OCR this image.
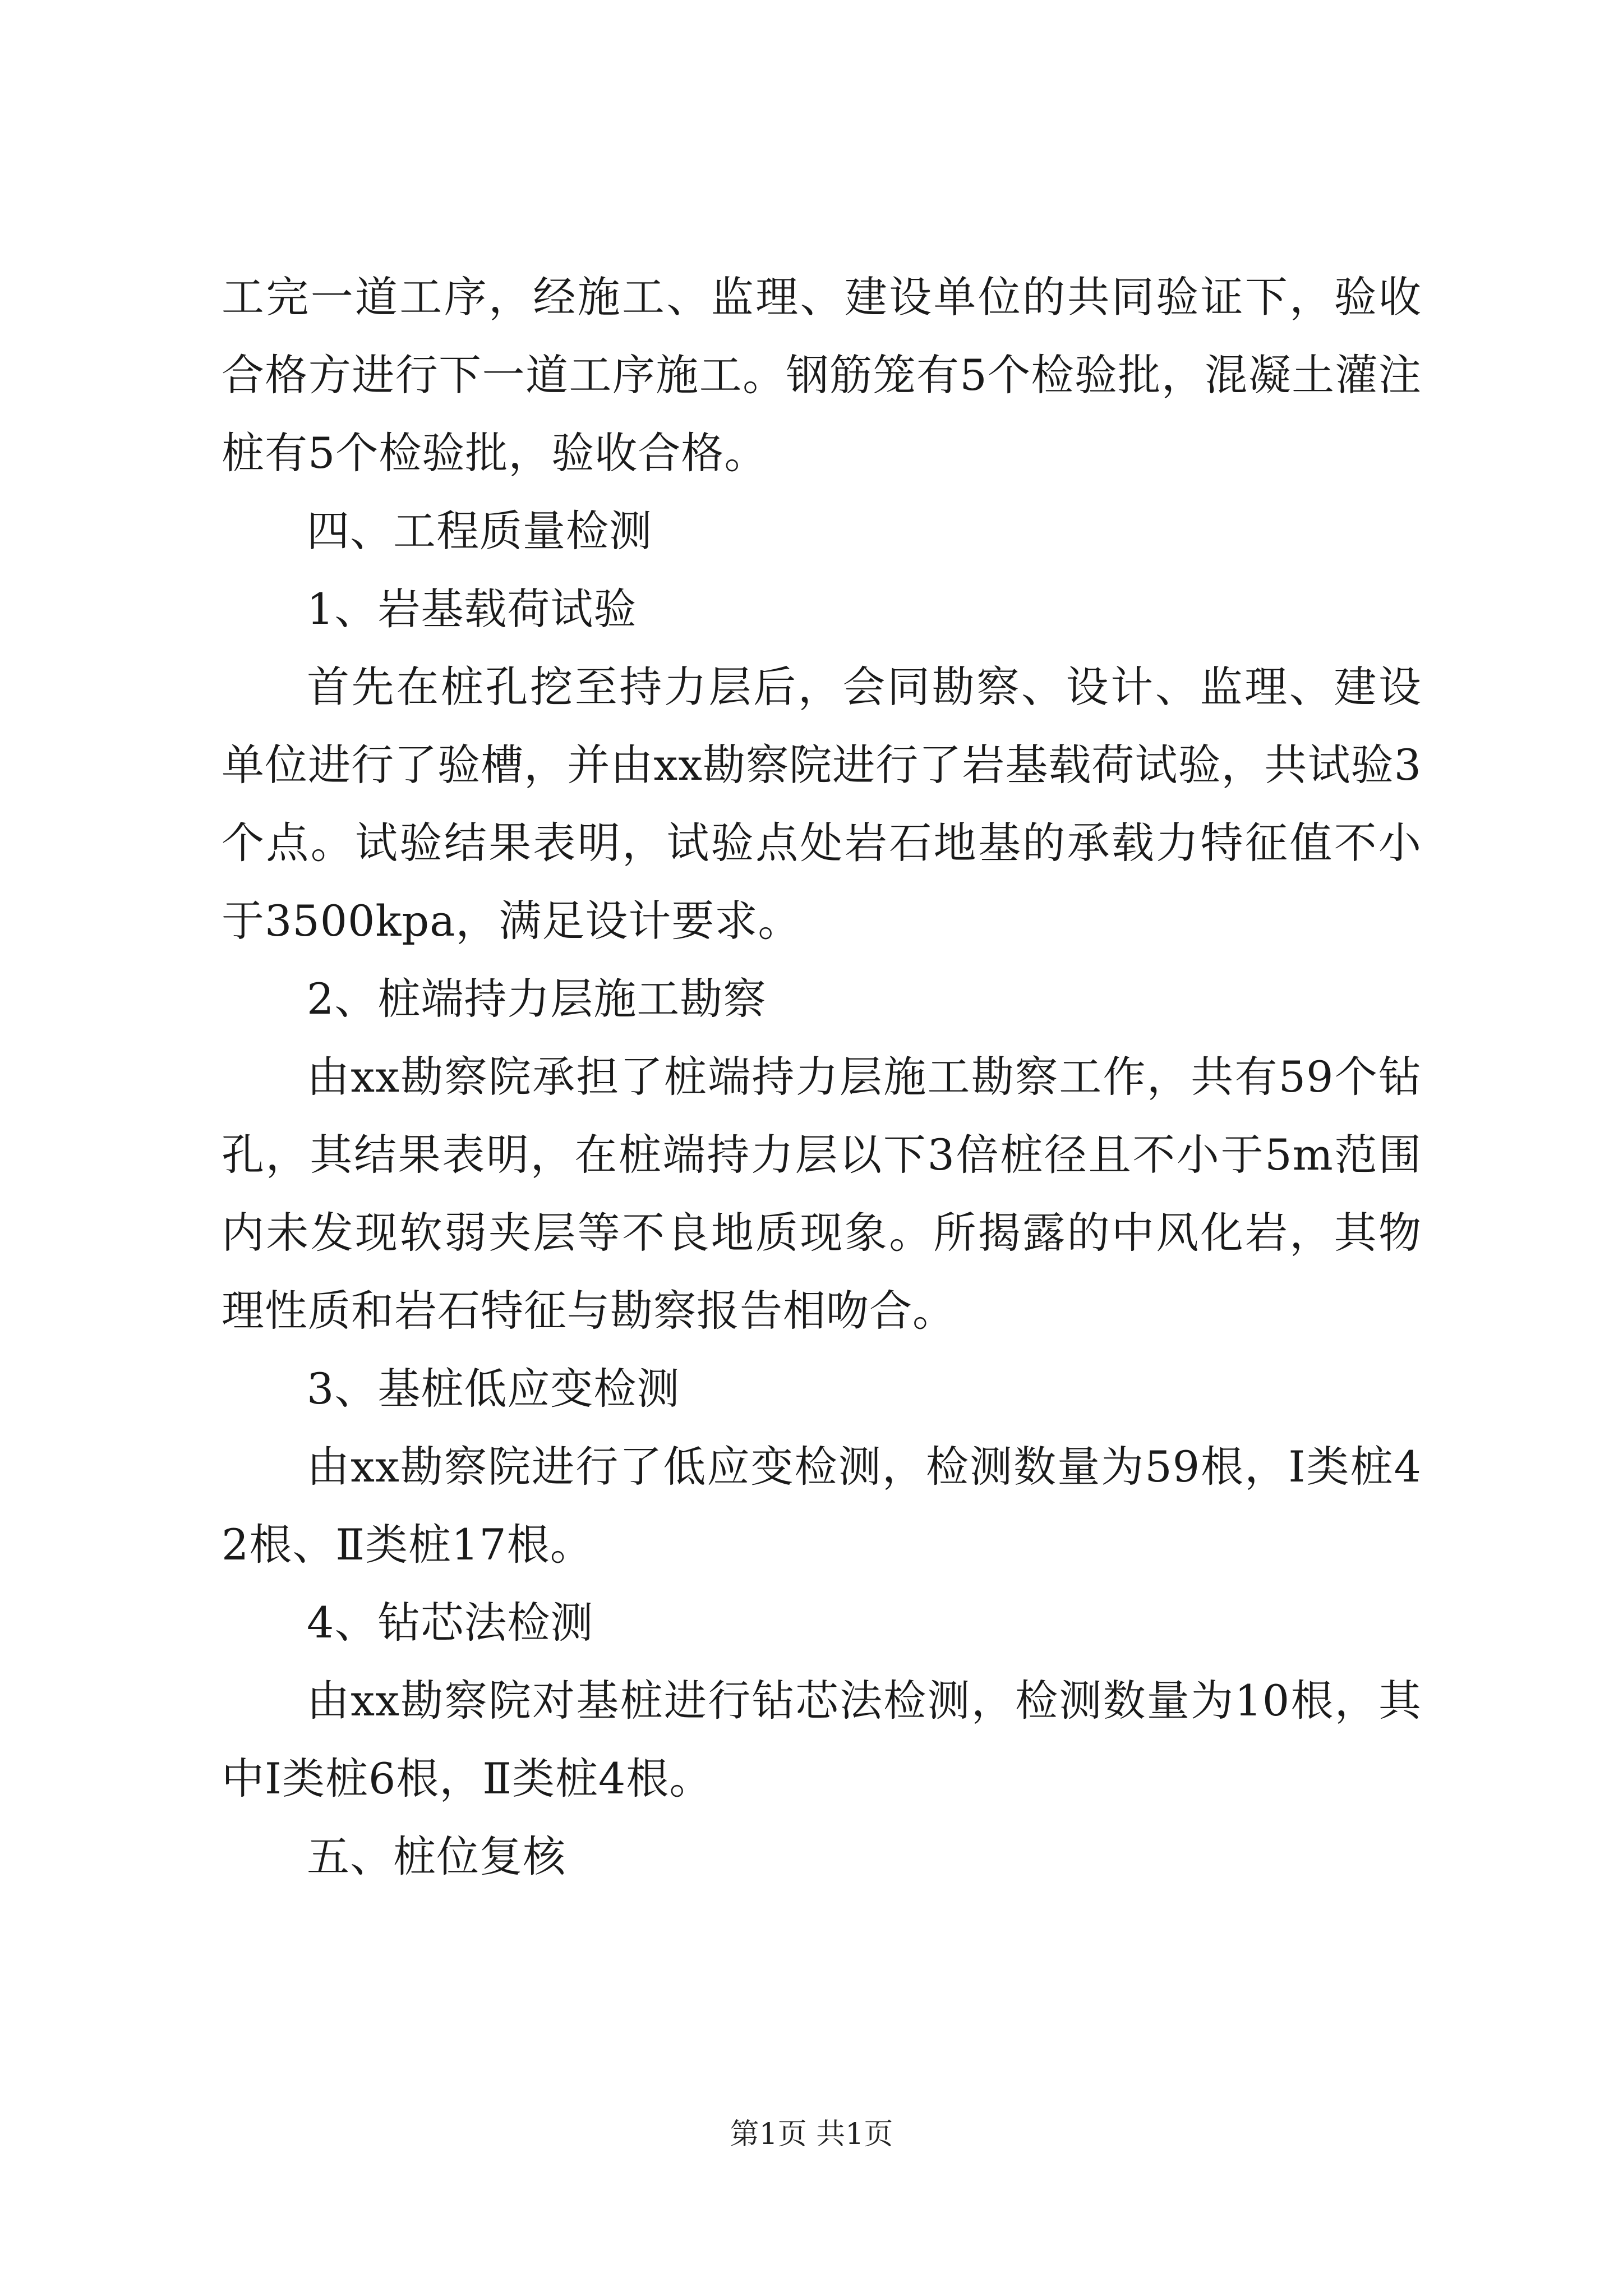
工完一道工序，经施工、监理、建设单位的共同验证下，验收合格方进行下一道工序施工。钢筋笼有5个检验批，混凝土灌注桩有5个检验批，验收合格。

四、工程质量检测

1、岩基载荷试验

首先在桩孔挖至持力层后，会同勘察、设计、监理、建设单位进行了验槽，并由xx勘察院进行了岩基载荷试验，共试验3个点。试验结果表明，试验点处岩石地基的承载力特征值不小于3500kpa，满足设计要求。

2、桩端持力层施工勘察

由xx勘察院承担了桩端持力层施工勘察工作，共有59个钻孔，其结果表明，在桩端持力层以下3倍桩径且不小于5m范围内未发现软弱夹层等不良地质现象。所揭露的中风化岩，其物理性质和岩石特征与勘察报告相吻合。

3、基桩低应变检测

由xx勘察院进行了低应变检测，检测数量为59根，Ⅰ类桩42根、Ⅱ类桩17根。

4、钻芯法检测

由xx勘察院对基桩进行钻芯法检测，检测数量为10根，其中Ⅰ类桩6根，Ⅱ类桩4根。

五、桩位复核

第1页 共1页
